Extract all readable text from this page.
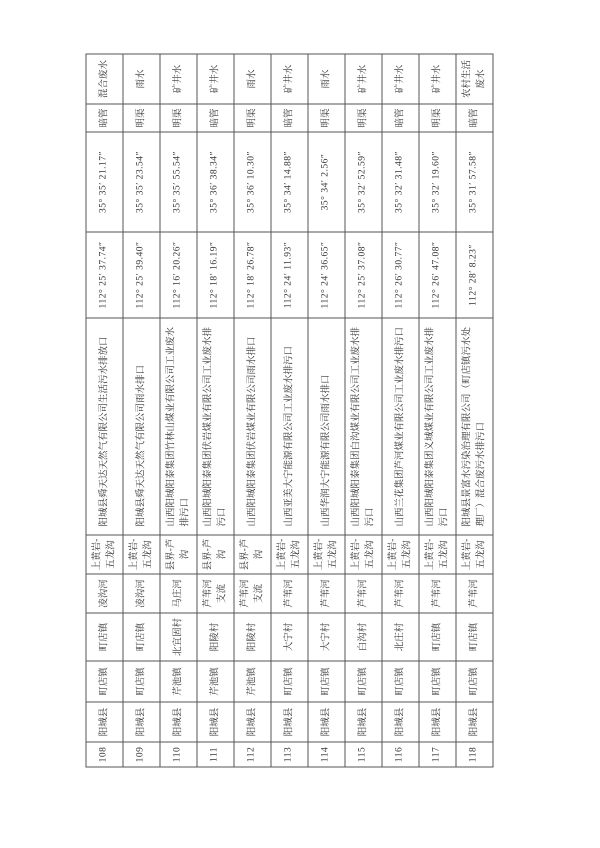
108	阳城县	町店镇	町店镇	凌沟河	上黄岩-五龙沟	阳城县舜天达天然气有限公司生活污水排放口	112° 25′ 37.74″	35° 35′ 21.17″	暗管	混合废水
109	阳城县	町店镇	町店镇	凌沟河	上黄岩-五龙沟	阳城县舜天达天然气有限公司雨水排口	112° 25′ 39.40″	35° 35′ 23.54″	明渠	雨水
110	阳城县	芹池镇	北宜固村	马庄河	县界-芦沟	山西阳城阳泰集团竹林山煤业有限公司工业废水排污口	112° 16′ 20.26″	35° 35′ 55.54″	明渠	矿井水
111	阳城县	芹池镇	阳陵村	芦苇河支流	县界-芦沟	山西阳城阳泰集团伏岩煤业有限公司工业废水排污口	112° 18′ 16.19″	35° 36′ 38.34″	暗管	矿井水
112	阳城县	芹池镇	阳陵村	芦苇河支流	县界-芦沟	山西阳城阳泰集团伏岩煤业有限公司雨水排口	112° 18′ 26.78″	35° 36′ 10.30″	明渠	雨水
113	阳城县	町店镇	大宁村	芦苇河	上黄岩-五龙沟	山西亚美大宁能源有限公司工业废水排污口	112° 24′ 11.93″	35° 34′ 14.88″	暗管	矿井水
114	阳城县	町店镇	大宁村	芦苇河	上黄岩-五龙沟	山西华润大宁能源有限公司雨水排口	112° 24′ 36.65″	35° 34′ 2.56″	明渠	雨水
115	阳城县	町店镇	白沟村	芦苇河	上黄岩-五龙沟	山西阳城阳泰集团白沟煤业有限公司工业废水排污口	112° 25′ 37.08″	35° 32′ 52.59″	明渠	矿井水
116	阳城县	町店镇	北庄村	芦苇河	上黄岩-五龙沟	山西兰花集团芦河煤业有限公司工业废水排污口	112° 26′ 30.77″	35° 32′ 31.48″	暗管	矿井水
117	阳城县	町店镇	町店镇	芦苇河	上黄岩-五龙沟	山西阳城阳泰集团义城煤业有限公司工业废水排污口	112° 26′ 47.08″	35° 32′ 19.60″	明渠	矿井水
118	阳城县	町店镇	町店镇	芦苇河	上黄岩-五龙沟	阳城县景富水污染治理有限公司（町店镇污水处理厂）混合废污水排污口	112° 28′ 8.23″	35° 31′ 57.58″	暗管	农村生活废水
